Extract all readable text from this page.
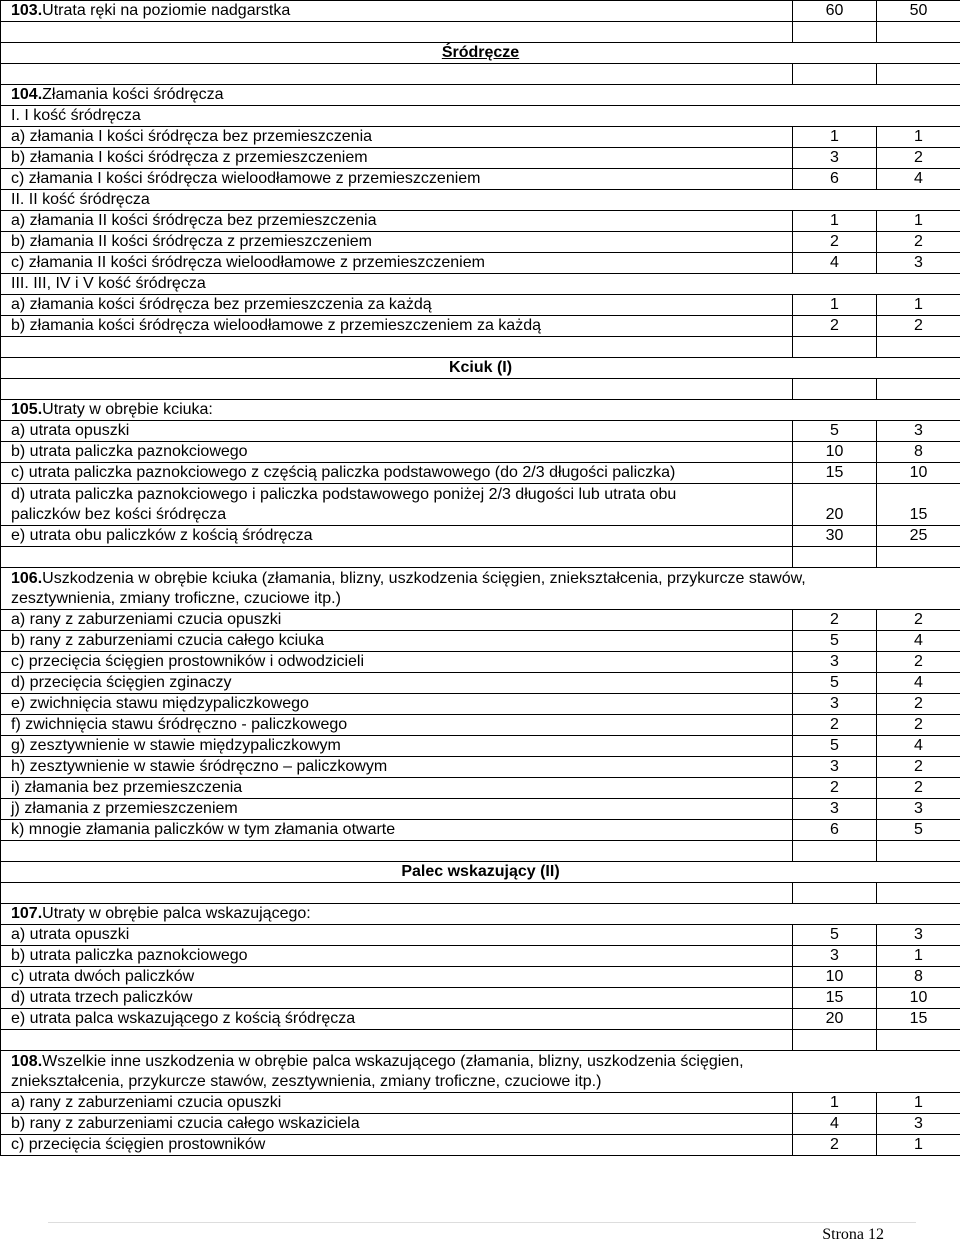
103.Utrata ręki na poziomie nadgarstka	60	50

Śródręcze		

104.Złamania kości śródręcza		
I. I kość śródręcza		
a) złamania I kości śródręcza bez przemieszczenia	1	1
b) złamania I kości śródręcza z przemieszczeniem	3	2
c) złamania I kości śródręcza wieloodłamowe z przemieszczeniem	6	4
II. II kość śródręcza		
a) złamania II kości śródręcza bez przemieszczenia	1	1
b) złamania II kości śródręcza z przemieszczeniem	2	2
c) złamania II kości śródręcza wieloodłamowe z przemieszczeniem	4	3
III. III, IV i V kość śródręcza		
a) złamania kości śródręcza bez przemieszczenia za każdą	1	1
b) złamania kości śródręcza wieloodłamowe z przemieszczeniem za każdą	2	2

Kciuk (I)		

105.Utraty w obrębie kciuka:		
a) utrata opuszki	5	3
b) utrata paliczka paznokciowego	10	8
c) utrata paliczka paznokciowego z częścią paliczka podstawowego (do 2/3 długości paliczka)	15	10
d) utrata paliczka paznokciowego i paliczka podstawowego poniżej 2/3 długości lub utrata obu
paliczków bez kości śródręcza	20	15
e) utrata obu paliczków z kością śródręcza	30	25

106.Uszkodzenia w obrębie kciuka (złamania, blizny, uszkodzenia ścięgien, zniekształcenia, przykurcze stawów,
zesztywnienia, zmiany troficzne, czuciowe itp.)		
a) rany z zaburzeniami czucia opuszki	2	2
b) rany z zaburzeniami czucia całego kciuka	5	4
c) przecięcia ścięgien prostowników i odwodzicieli	3	2
d) przecięcia ścięgien zginaczy	5	4
e) zwichnięcia stawu międzypaliczkowego	3	2
f) zwichnięcia stawu śródręczno - paliczkowego	2	2
g) zesztywnienie w stawie międzypaliczkowym	5	4
h) zesztywnienie w stawie śródręczno – paliczkowym	3	2
i) złamania bez przemieszczenia	2	2
j) złamania z przemieszczeniem	3	3
k) mnogie złamania paliczków w tym złamania otwarte	6	5

Palec wskazujący (II)		

107.Utraty w obrębie palca wskazującego:		
a) utrata opuszki	5	3
b) utrata paliczka paznokciowego	3	1
c) utrata dwóch paliczków	10	8
d) utrata trzech paliczków	15	10
e) utrata palca wskazującego z kością śródręcza	20	15

108.Wszelkie inne uszkodzenia w obrębie palca wskazującego (złamania, blizny, uszkodzenia ścięgien,
zniekształcenia, przykurcze stawów, zesztywnienia, zmiany troficzne, czuciowe itp.)		
a) rany z zaburzeniami czucia opuszki	1	1
b) rany z zaburzeniami czucia całego wskaziciela	4	3
c) przecięcia ścięgien prostowników	2	1
Strona 12
